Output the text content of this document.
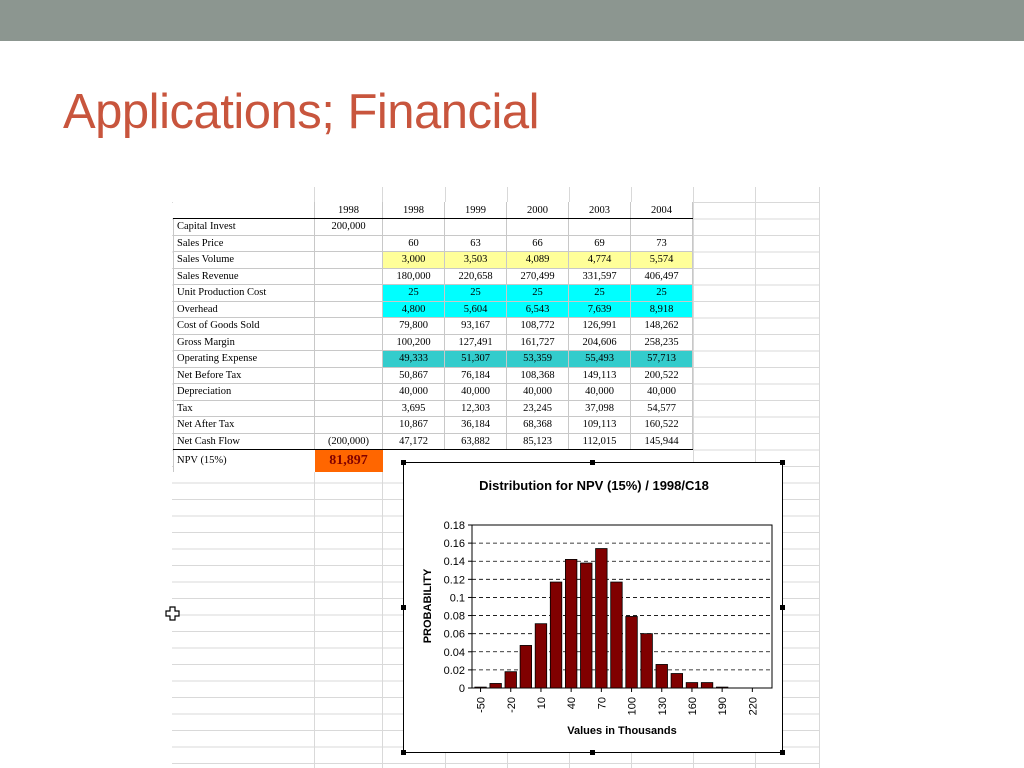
Applications; Financial
	1998	1998	1999	2000	2003	2004
Capital Invest	200,000					
Sales Price		60	63	66	69	73
Sales Volume		3,000	3,503	4,089	4,774	5,574
Sales Revenue		180,000	220,658	270,499	331,597	406,497
Unit Production Cost		25	25	25	25	25
Overhead		4,800	5,604	6,543	7,639	8,918
Cost of Goods Sold		79,800	93,167	108,772	126,991	148,262
Gross Margin		100,200	127,491	161,727	204,606	258,235
Operating Expense		49,333	51,307	53,359	55,493	57,713
Net Before Tax		50,867	76,184	108,368	149,113	200,522
Depreciation		40,000	40,000	40,000	40,000	40,000
Tax		3,695	12,303	23,245	37,098	54,577
Net After Tax		10,867	36,184	68,368	109,113	160,522
Net Cash Flow	(200,000)	47,172	63,882	85,123	112,015	145,944
NPV (15%)	81,897					
Distribution for NPV (15%) / 1998/C18
0.18
0.16
0.14
0.12
0.1
0.08
0.06
0.04
0.02
0
-50 -20 10 40 70 100 130 160 190 220
Values in Thousands
PROBABILITY
